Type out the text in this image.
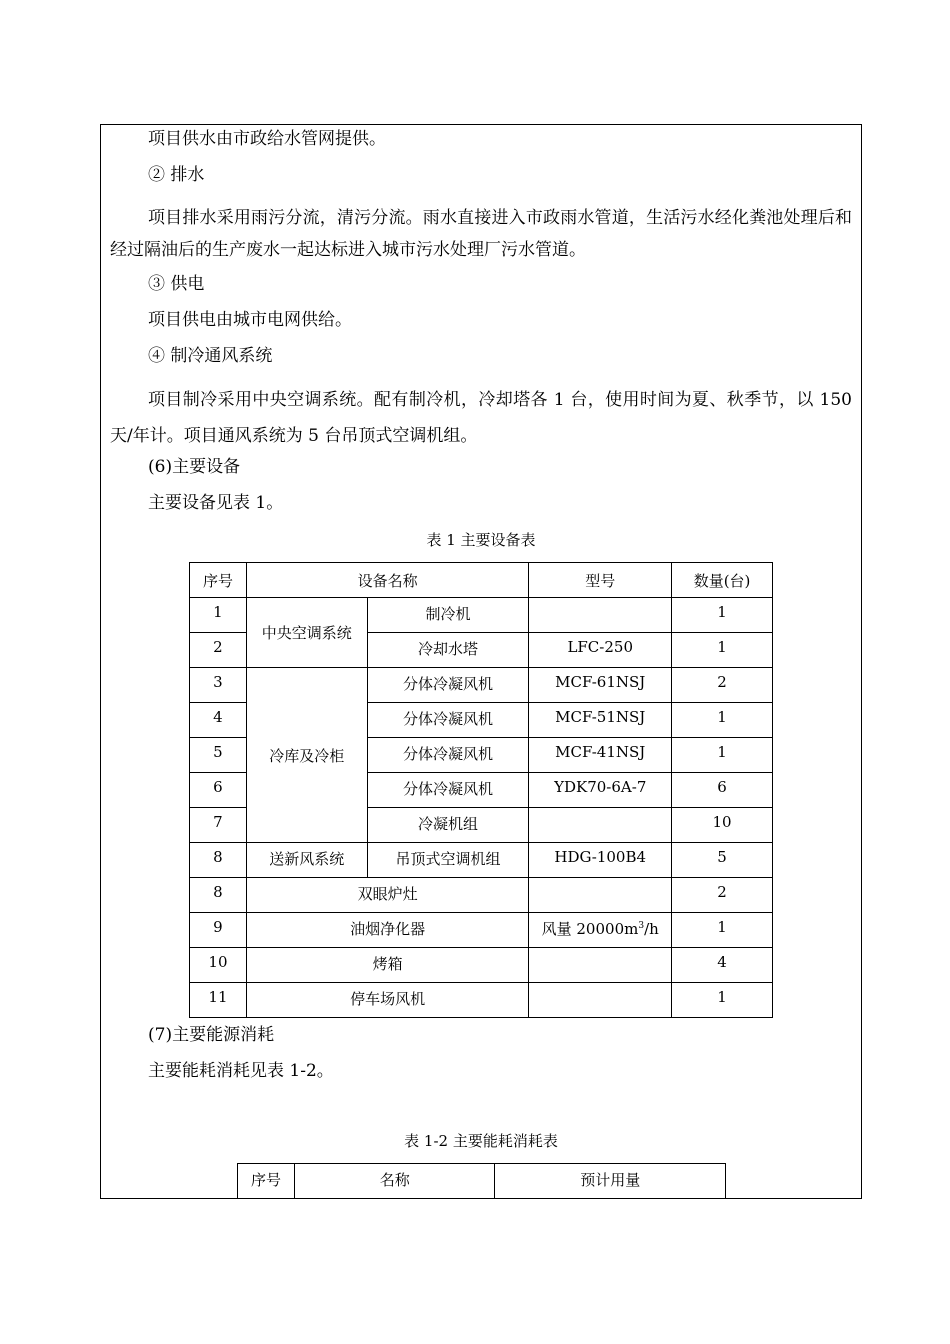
项目供水由市政给水管网提供。
② 排水
项目排水采用雨污分流，清污分流。雨水直接进入市政雨水管道，生活污水经化粪池处理后和经过隔油后的生产废水一起达标进入城市污水处理厂污水管道。
③ 供电
项目供电由城市电网供给。
④ 制冷通风系统
项目制冷采用中央空调系统。配有制冷机，冷却塔各 1 台，使用时间为夏、秋季节，以 150 天/年计。项目通风系统为 5 台吊顶式空调机组。
(6)主要设备
主要设备见表 1。
表 1 主要设备表
序号	设备名称		型号	数量(台)
1	中央空调系统	制冷机		1
2		冷却水塔	LFC-250	1
3	冷库及冷柜	分体冷凝风机	MCF-61NSJ	2
4		分体冷凝风机	MCF-51NSJ	1
5		分体冷凝风机	MCF-41NSJ	1
6		分体冷凝风机	YDK70-6A-7	6
7		冷凝机组		10
8	送新风系统	吊顶式空调机组	HDG-100B4	5
8	双眼炉灶			2
9	油烟净化器		风量 $20000m^3/h$	1
10	烤箱			4
11	停车场风机			1
(7)主要能源消耗
主要能耗消耗见表 1-2。
表 1-2 主要能耗消耗表
序号	名称	预计用量
